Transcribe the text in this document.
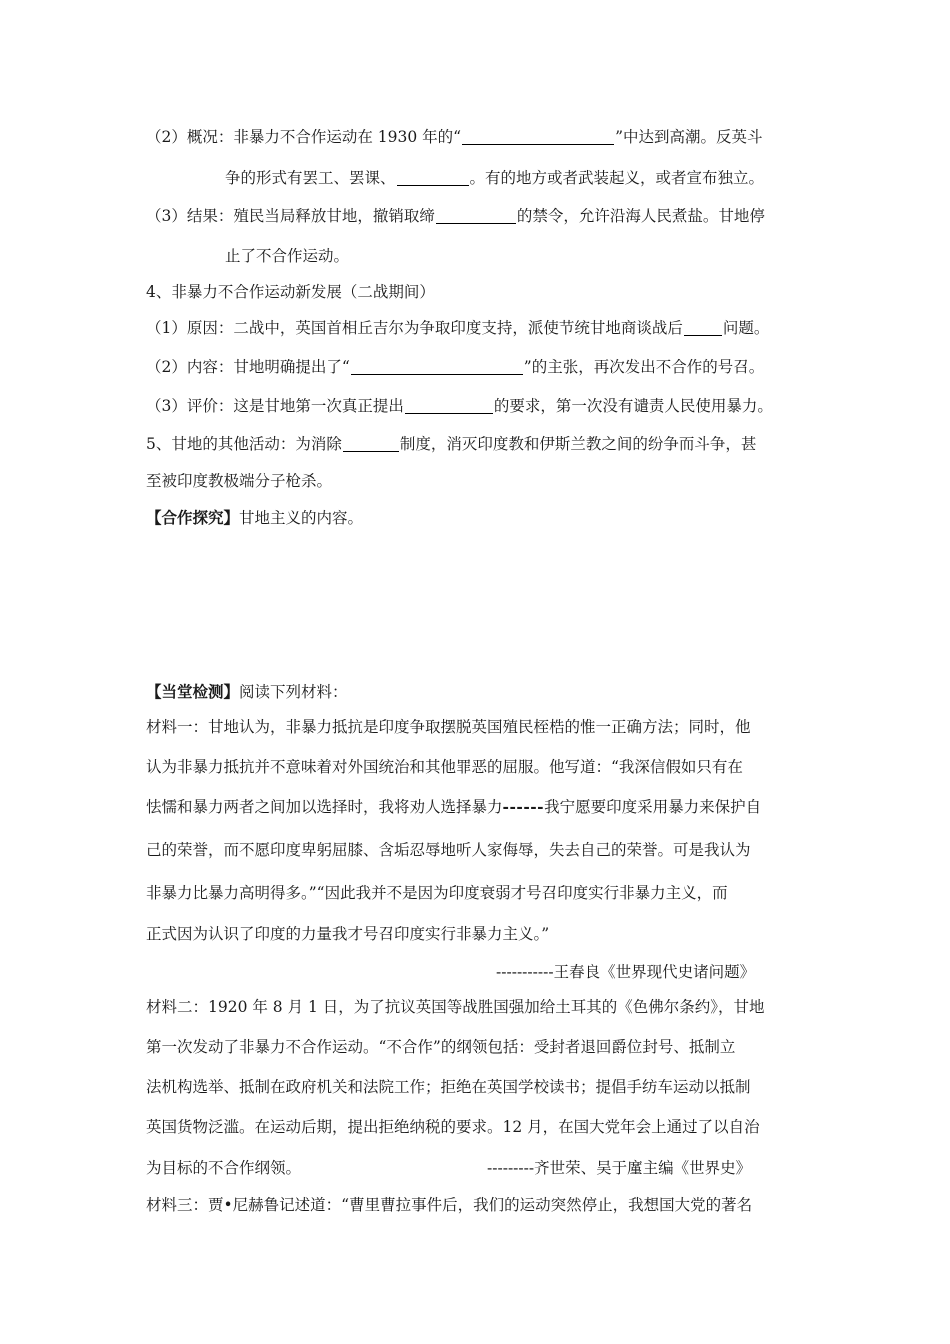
（2）概况：非暴力不合作运动在 1930 年的“	”中达到高潮。反英斗
争的形式有罢工、罢课、	。有的地方或者武装起义，或者宣布独立。
（3）结果：殖民当局释放甘地，撤销取缔	的禁令，允许沿海人民煮盐。甘地停
止了不合作运动。
4、非暴力不合作运动新发展（二战期间）
（1）原因：二战中，英国首相丘吉尔为争取印度支持，派使节统甘地商谈战后	问题。
（2）内容：甘地明确提出了“	”的主张，再次发出不合作的号召。
（3）评价：这是甘地第一次真正提出	的要求，第一次没有谴责人民使用暴力。
5、甘地的其他活动：为消除	制度，消灭印度教和伊斯兰教之间的纷争而斗争，甚
至被印度教极端分子枪杀。
【合作探究】甘地主义的内容。
【当堂检测】阅读下列材料：
材料一：甘地认为，非暴力抵抗是印度争取摆脱英国殖民桎梏的惟一正确方法；同时，他
认为非暴力抵抗并不意味着对外国统治和其他罪恶的屈服。他写道：“我深信假如只有在
怯懦和暴力两者之间加以选择时，我将劝人选择暴力------我宁愿要印度采用暴力来保护自
己的荣誉，而不愿印度卑躬屈膝、含垢忍辱地听人家侮辱，失去自己的荣誉。可是我认为
非暴力比暴力高明得多。”“因此我并不是因为印度衰弱才号召印度实行非暴力主义，而
正式因为认识了印度的力量我才号召印度实行非暴力主义。”
-----------王春良《世界现代史诸问题》
材料二：1920 年 8 月 1 日，为了抗议英国等战胜国强加给土耳其的《色佛尔条约》，甘地
第一次发动了非暴力不合作运动。“不合作”的纲领包括：受封者退回爵位封号、抵制立
法机构选举、抵制在政府机关和法院工作；拒绝在英国学校读书；提倡手纺车运动以抵制
英国货物泛滥。在运动后期，提出拒绝纳税的要求。12 月，在国大党年会上通过了以自治
为目标的不合作纲领。	---------齐世荣、吴于廑主编《世界史》
材料三：贾•尼赫鲁记述道：“曹里曹拉事件后，我们的运动突然停止，我想国大党的著名
